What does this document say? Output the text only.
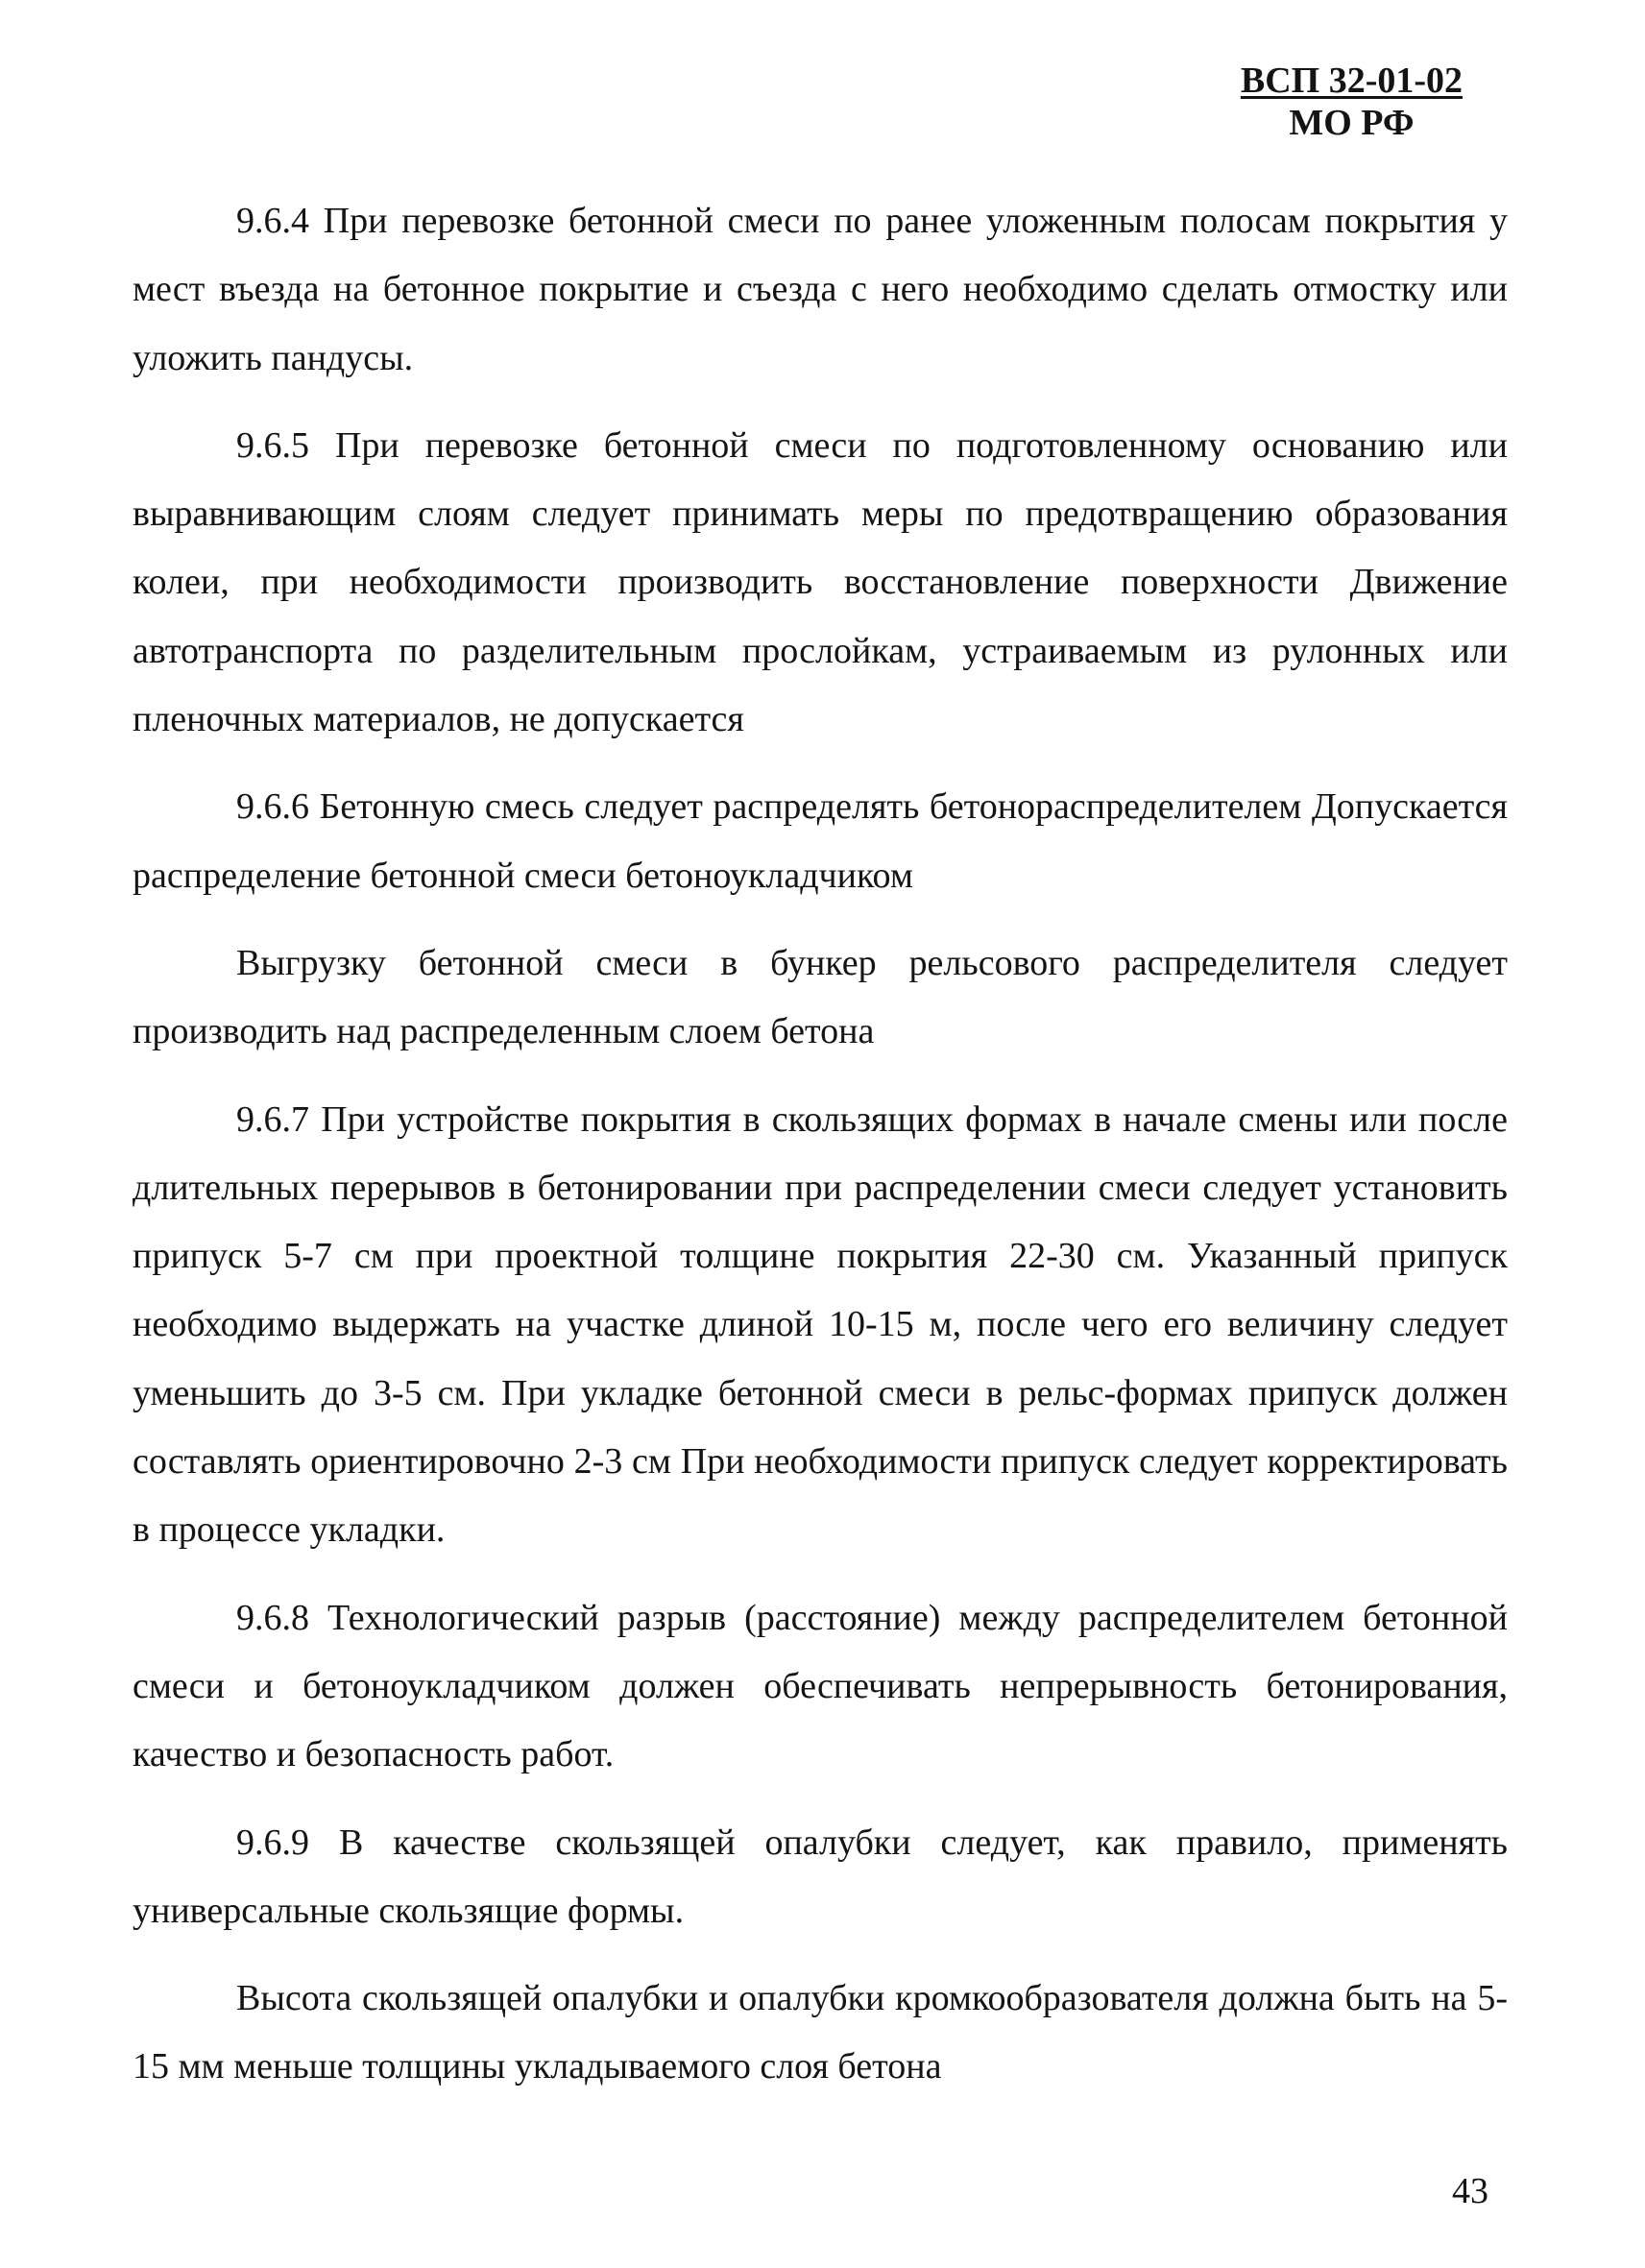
ВСП 32-01-02
МО РФ

9.6.4 При перевозке бетонной смеси по ранее уложенным полосам покрытия у мест въезда на бетонное покрытие и съезда с него необходимо сделать отмостку или уложить пандусы.

9.6.5 При перевозке бетонной смеси по подготовленному основанию или выравнивающим слоям следует принимать меры по предотвращению образования колеи, при необходимости производить восстановление поверхности Движение автотранспорта по разделительным прослойкам, устраиваемым из рулонных или пленочных материалов, не допускается

9.6.6 Бетонную смесь следует распределять бетонораспределителем Допускается распределение бетонной смеси бетоноукладчиком

Выгрузку бетонной смеси в бункер рельсового распределителя следует производить над распределенным слоем бетона

9.6.7 При устройстве покрытия в скользящих формах в начале смены или после длительных перерывов в бетонировании при распределении смеси следует установить припуск 5-7 см при проектной толщине покрытия 22-30 см. Указанный припуск необходимо выдержать на участке длиной 10-15 м, после чего его величину следует уменьшить до 3-5 см. При укладке бетонной смеси в рельс-формах припуск должен составлять ориентировочно 2-3 см При необходимости припуск следует корректировать в процессе укладки.

9.6.8 Технологический разрыв (расстояние) между распределителем бетонной смеси и бетоноукладчиком должен обеспечивать непрерывность бетонирования, качество и безопасность работ.

9.6.9 В качестве скользящей опалубки следует, как правило, применять универсальные скользящие формы.

Высота скользящей опалубки и опалубки кромкообразователя должна быть на 5-15 мм меньше толщины укладываемого слоя бетона

43
